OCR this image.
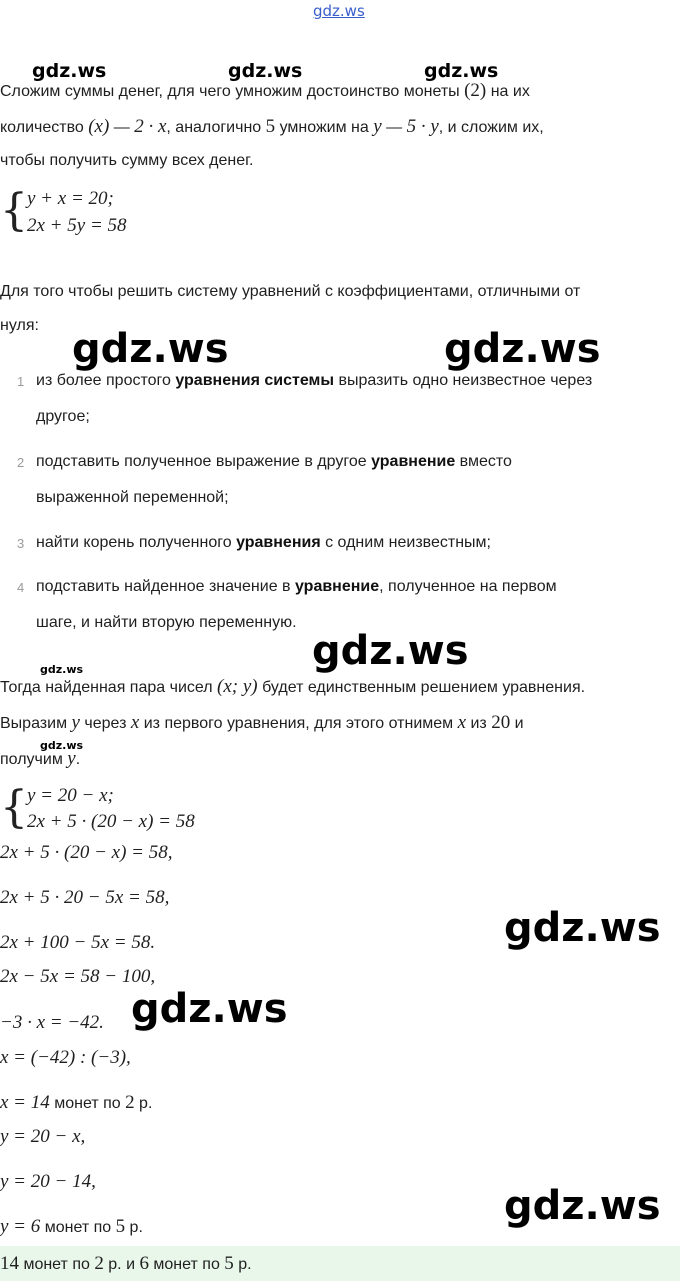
gdz.ws
gdz.ws	gdz.ws	gdz.ws
Сложим суммы денег, для чего умножим достоинство монеты (2) на их
количество (x) — 2 · x, аналогично 5 умножим на y — 5 · y, и сложим их,
чтобы получить сумму всех денег.
{ y + x = 20;
2x + 5y = 58
Для того чтобы решить систему уравнений с коэффициентами, отличными от
нуля:
gdz.ws	gdz.ws
1 из более простого уравнения системы выразить одно неизвестное через
другое;
2 подставить полученное выражение в другое уравнение вместо
выраженной переменной;
3 найти корень полученного уравнения с одним неизвестным;
4 подставить найденное значение в уравнение, полученное на первом
шаге, и найти вторую переменную.
gdz.ws
gdz.ws
Тогда найденная пара чисел (x; y) будет единственным решением уравнения.
Выразим y через x из первого уравнения, для этого отнимем x из 20 и
gdz.ws
получим y.
{ y = 20 − x;
2x + 5 · (20 − x) = 58
2x + 5 · (20 − x) = 58,
2x + 5 · 20 − 5x = 58,
2x + 100 − 5x = 58.
2x − 5x = 58 − 100,
−3 · x = −42.
x = (−42) : (−3),
x = 14 монет по 2 р.
y = 20 − x,
y = 20 − 14,
y = 6 монет по 5 р.
gdz.ws
gdz.ws
gdz.ws
14 монет по 2 р. и 6 монет по 5 р.
